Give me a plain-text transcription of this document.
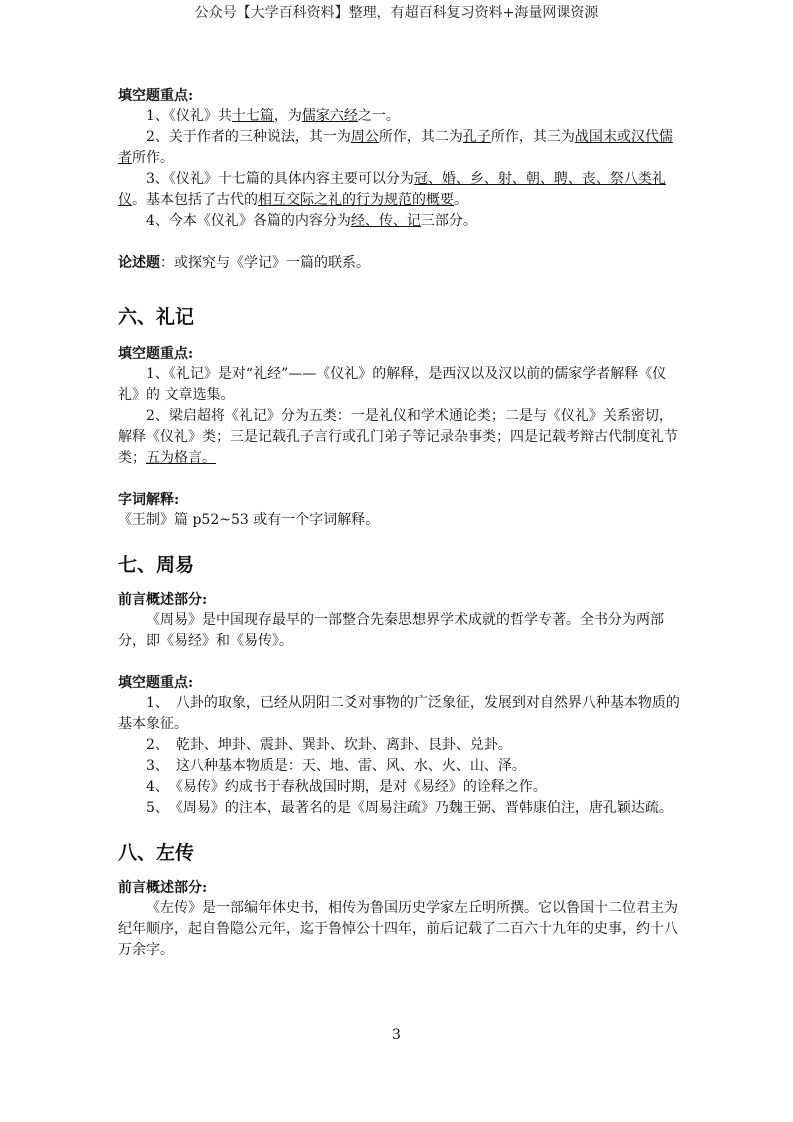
公众号【大学百科资料】整理，有超百科复习资料+海量网课资源
填空题重点:

1、《仪礼》共十七篇，为儒家六经之一。

2、关于作者的三种说法，其一为周公所作，其二为孔子所作，其三为战国末或汉代儒者所作。

3、《仪礼》十七篇的具体内容主要可以分为冠、婚、乡、射、朝、聘、丧、祭八类礼仪。基本包括了古代的相互交际之礼的行为规范的概要。

4、今本《仪礼》各篇的内容分为经、传、记三部分。

论述题：或探究与《学记》一篇的联系。

六、礼记
填空题重点:

1、《礼记》是对“礼经”——《仪礼》的解释，是西汉以及汉以前的儒家学者解释《仪礼》的 文章选集。

2、梁启超将《礼记》分为五类：一是礼仪和学术通论类；二是与《仪礼》关系密切，解释《仪礼》类；三是记载孔子言行或孔门弟子等记录杂事类；四是记载考辩古代制度礼节类；五为格言。

字词解释:

《王制》篇 p52~53 或有一个字词解释。

七、周易
前言概述部分:

《周易》是中国现存最早的一部整合先秦思想界学术成就的哲学专著。全书分为两部分，即《易经》和《易传》。

填空题重点:

1、　八卦的取象，已经从阴阳二爻对事物的广泛象征，发展到对自然界八种基本物质的基本象征。

2、　乾卦、坤卦、震卦、巽卦、坎卦、离卦、艮卦、兑卦。

3、　这八种基本物质是：天、地、雷、风、水、火、山、泽。

4、　《易传》约成书于春秋战国时期，是对《易经》的诠释之作。

5、　《周易》的注本，最著名的是《周易注疏》乃魏王弼、晋韩康伯注，唐孔颖达疏。

八、左传
前言概述部分:

《左传》是一部编年体史书，相传为鲁国历史学家左丘明所撰。它以鲁国十二位君主为纪年顺序，起自鲁隐公元年，迄于鲁悼公十四年，前后记载了二百六十九年的史事，约十八万余字。

3
